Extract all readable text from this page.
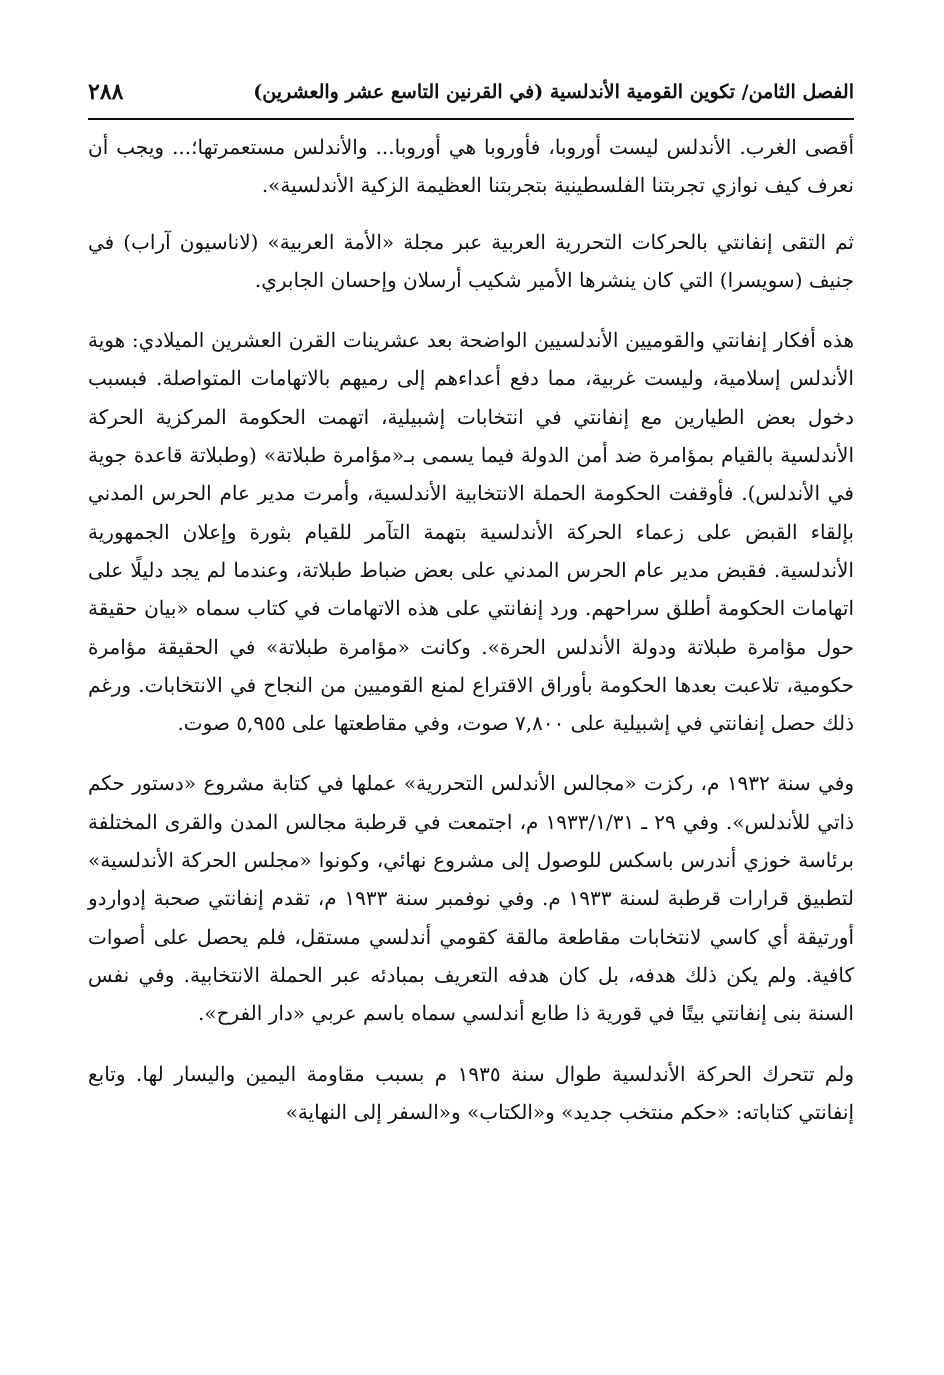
٢٨٨	الفصل الثامن/ تكوين القومية الأندلسية (في القرنين التاسع عشر والعشرين)

أقصى الغرب. الأندلس ليست أوروبا، فأوروبا هي أوروبا... والأندلس مستعمرتها؛... ويجب أن نعرف كيف نوازي تجربتنا الفلسطينية بتجربتنا العظيمة الزكية الأندلسية».

ثم التقى إنفانتي بالحركات التحررية العربية عبر مجلة «الأمة العربية» (لاناسيون آراب) في جنيف (سويسرا) التي كان ينشرها الأمير شكيب أرسلان وإحسان الجابري.

هذه أفكار إنفانتي والقوميين الأندلسيين الواضحة بعد عشرينات القرن العشرين الميلادي: هوية الأندلس إسلامية، وليست غربية، مما دفع أعداءهم إلى رميهم بالاتهامات المتواصلة. فبسبب دخول بعض الطيارين مع إنفانتي في انتخابات إشبيلية، اتهمت الحكومة المركزية الحركة الأندلسية بالقيام بمؤامرة ضد أمن الدولة فيما يسمى بـ«مؤامرة طبلاتة» (وطبلاتة قاعدة جوية في الأندلس). فأوقفت الحكومة الحملة الانتخابية الأندلسية، وأمرت مدير عام الحرس المدني بإلقاء القبض على زعماء الحركة الأندلسية بتهمة التآمر للقيام بثورة وإعلان الجمهورية الأندلسية. فقبض مدير عام الحرس المدني على بعض ضباط طبلاتة، وعندما لم يجد دليلًا على اتهامات الحكومة أطلق سراحهم. ورد إنفانتي على هذه الاتهامات في كتاب سماه «بيان حقيقة حول مؤامرة طبلاتة ودولة الأندلس الحرة». وكانت «مؤامرة طبلاتة» في الحقيقة مؤامرة حكومية، تلاعبت بعدها الحكومة بأوراق الاقتراع لمنع القوميين من النجاح في الانتخابات. ورغم ذلك حصل إنفانتي في إشبيلية على ٧,٨٠٠ صوت، وفي مقاطعتها على ٥,٩٥٥ صوت.

وفي سنة ١٩٣٢ م، ركزت «مجالس الأندلس التحررية» عملها في كتابة مشروع «دستور حكم ذاتي للأندلس». وفي ٢٩ ـ ١٩٣٣/١/٣١ م، اجتمعت في قرطبة مجالس المدن والقرى المختلفة برئاسة خوزي أندرس باسكس للوصول إلى مشروع نهائي، وكونوا «مجلس الحركة الأندلسية» لتطبيق قرارات قرطبة لسنة ١٩٣٣ م. وفي نوفمبر سنة ١٩٣٣ م، تقدم إنفانتي صحبة إدواردو أورتيقة أي كاسي لانتخابات مقاطعة مالقة كقومي أندلسي مستقل، فلم يحصل على أصوات كافية. ولم يكن ذلك هدفه، بل كان هدفه التعريف بمبادئه عبر الحملة الانتخابية. وفي نفس السنة بنى إنفانتي بيتًا في قورية ذا طابع أندلسي سماه باسم عربي «دار الفرح».

ولم تتحرك الحركة الأندلسية طوال سنة ١٩٣٥ م بسبب مقاومة اليمين واليسار لها. وتابع إنفانتي كتاباته: «حكم منتخب جديد» و«الكتاب» و«السفر إلى النهاية»
